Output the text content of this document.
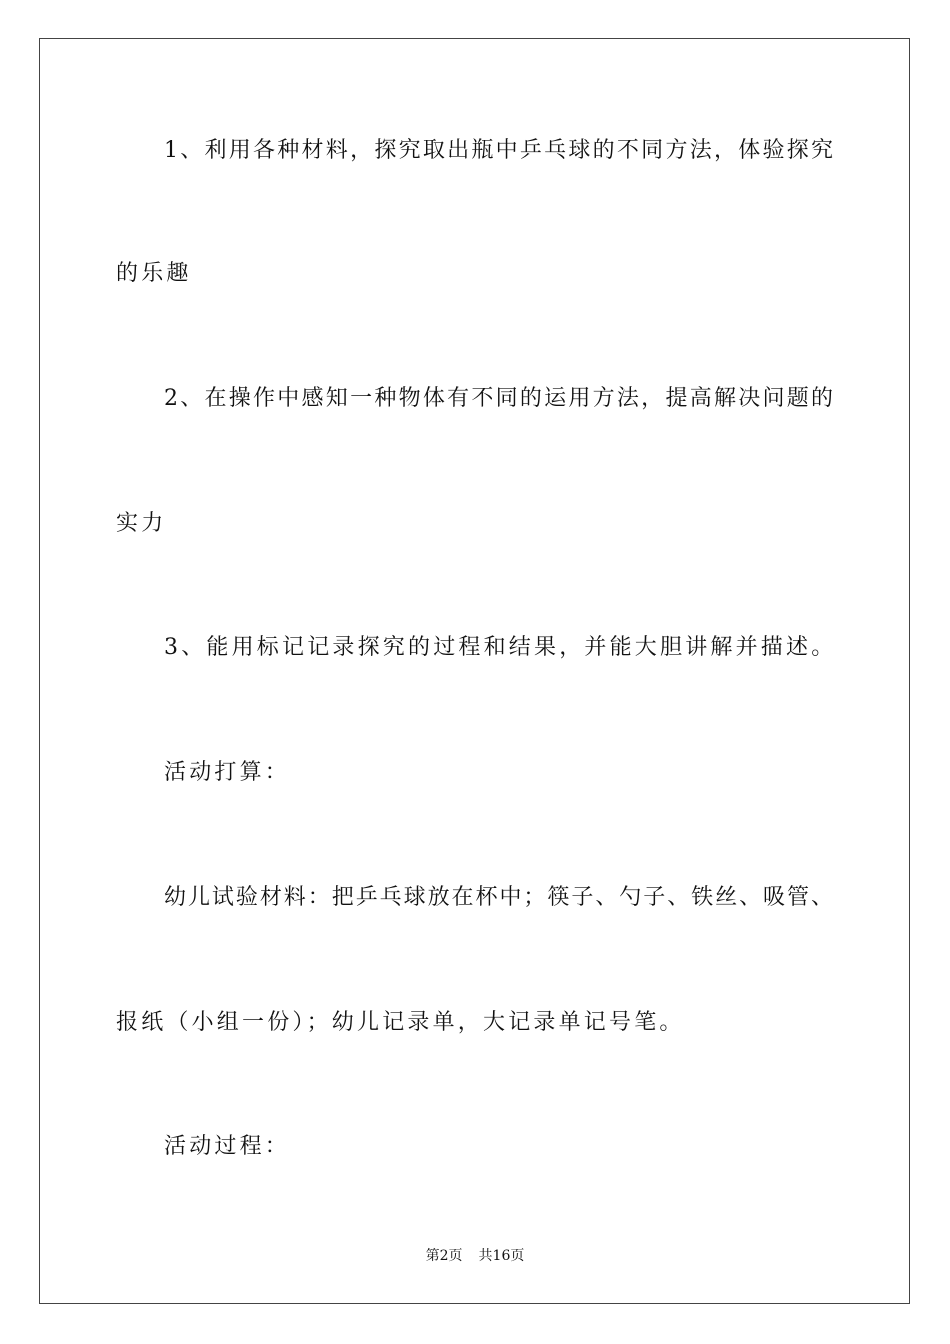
1、利用各种材料，探究取出瓶中乒乓球的不同方法，体验探究
的乐趣
2、在操作中感知一种物体有不同的运用方法，提高解决问题的
实力
3、能用标记记录探究的过程和结果，并能大胆讲解并描述。
活动打算：
幼儿试验材料：把乒乓球放在杯中；筷子、勺子、铁丝、吸管、
报纸（小组一份）；幼儿记录单，大记录单记号笔。
活动过程：
第2页 共16页
